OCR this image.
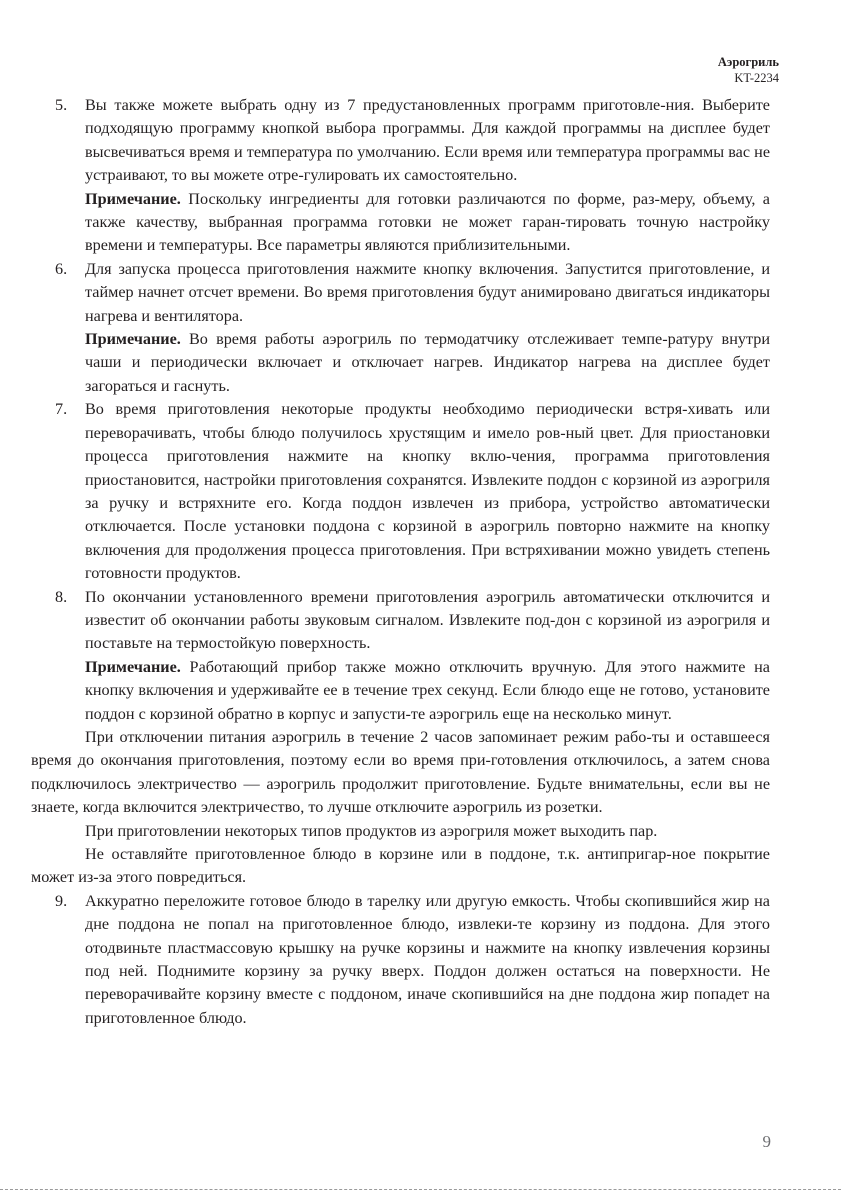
Аэрогриль
KT-2234
5. Вы также можете выбрать одну из 7 предустановленных программ приготовле-ния. Выберите подходящую программу кнопкой выбора программы. Для каждой программы на дисплее будет высвечиваться время и температура по умолчанию. Если время или температура программы вас не устраивают, то вы можете отре-гулировать их самостоятельно.

Примечание. Поскольку ингредиенты для готовки различаются по форме, раз-меру, объему, а также качеству, выбранная программа готовки не может гаран-тировать точную настройку времени и температуры. Все параметры являются приблизительными.

6. Для запуска процесса приготовления нажмите кнопку включения. Запустится приготовление, и таймер начнет отсчет времени. Во время приготовления будут анимировано двигаться индикаторы нагрева и вентилятора.

Примечание. Во время работы аэрогриль по термодатчику отслеживает темпе-ратуру внутри чаши и периодически включает и отключает нагрев. Индикатор нагрева на дисплее будет загораться и гаснуть.

7. Во время приготовления некоторые продукты необходимо периодически встря-хивать или переворачивать, чтобы блюдо получилось хрустящим и имело ров-ный цвет. Для приостановки процесса приготовления нажмите на кнопку вклю-чения, программа приготовления приостановится, настройки приготовления сохранятся. Извлеките поддон с корзиной из аэрогриля за ручку и встряхните его. Когда поддон извлечен из прибора, устройство автоматически отключается. После установки поддона с корзиной в аэрогриль повторно нажмите на кнопку включения для продолжения процесса приготовления. При встряхивании можно увидеть степень готовности продуктов.

8. По окончании установленного времени приготовления аэрогриль автоматически отключится и известит об окончании работы звуковым сигналом. Извлеките под-дон с корзиной из аэрогриля и поставьте на термостойкую поверхность.

Примечание. Работающий прибор также можно отключить вручную. Для этого нажмите на кнопку включения и удерживайте ее в течение трех секунд. Если блюдо еще не готово, установите поддон с корзиной обратно в корпус и запусти-те аэрогриль еще на несколько минут.

При отключении питания аэрогриль в течение 2 часов запоминает режим рабо-ты и оставшееся время до окончания приготовления, поэтому если во время при-готовления отключилось, а затем снова подключилось электричество — аэрогриль продолжит приготовление. Будьте внимательны, если вы не знаете, когда включится электричество, то лучше отключите аэрогриль из розетки.

При приготовлении некоторых типов продуктов из аэрогриля может выходить пар.

Не оставляйте приготовленное блюдо в корзине или в поддоне, т.к. антипригар-ное покрытие может из-за этого повредиться.

9. Аккуратно переложите готовое блюдо в тарелку или другую емкость. Чтобы скопившийся жир на дне поддона не попал на приготовленное блюдо, извлеки-те корзину из поддона. Для этого отодвиньте пластмассовую крышку на ручке корзины и нажмите на кнопку извлечения корзины под ней. Поднимите корзину за ручку вверх. Поддон должен остаться на поверхности. Не переворачивайте корзину вместе с поддоном, иначе скопившийся на дне поддона жир попадет на приготовленное блюдо.

9
